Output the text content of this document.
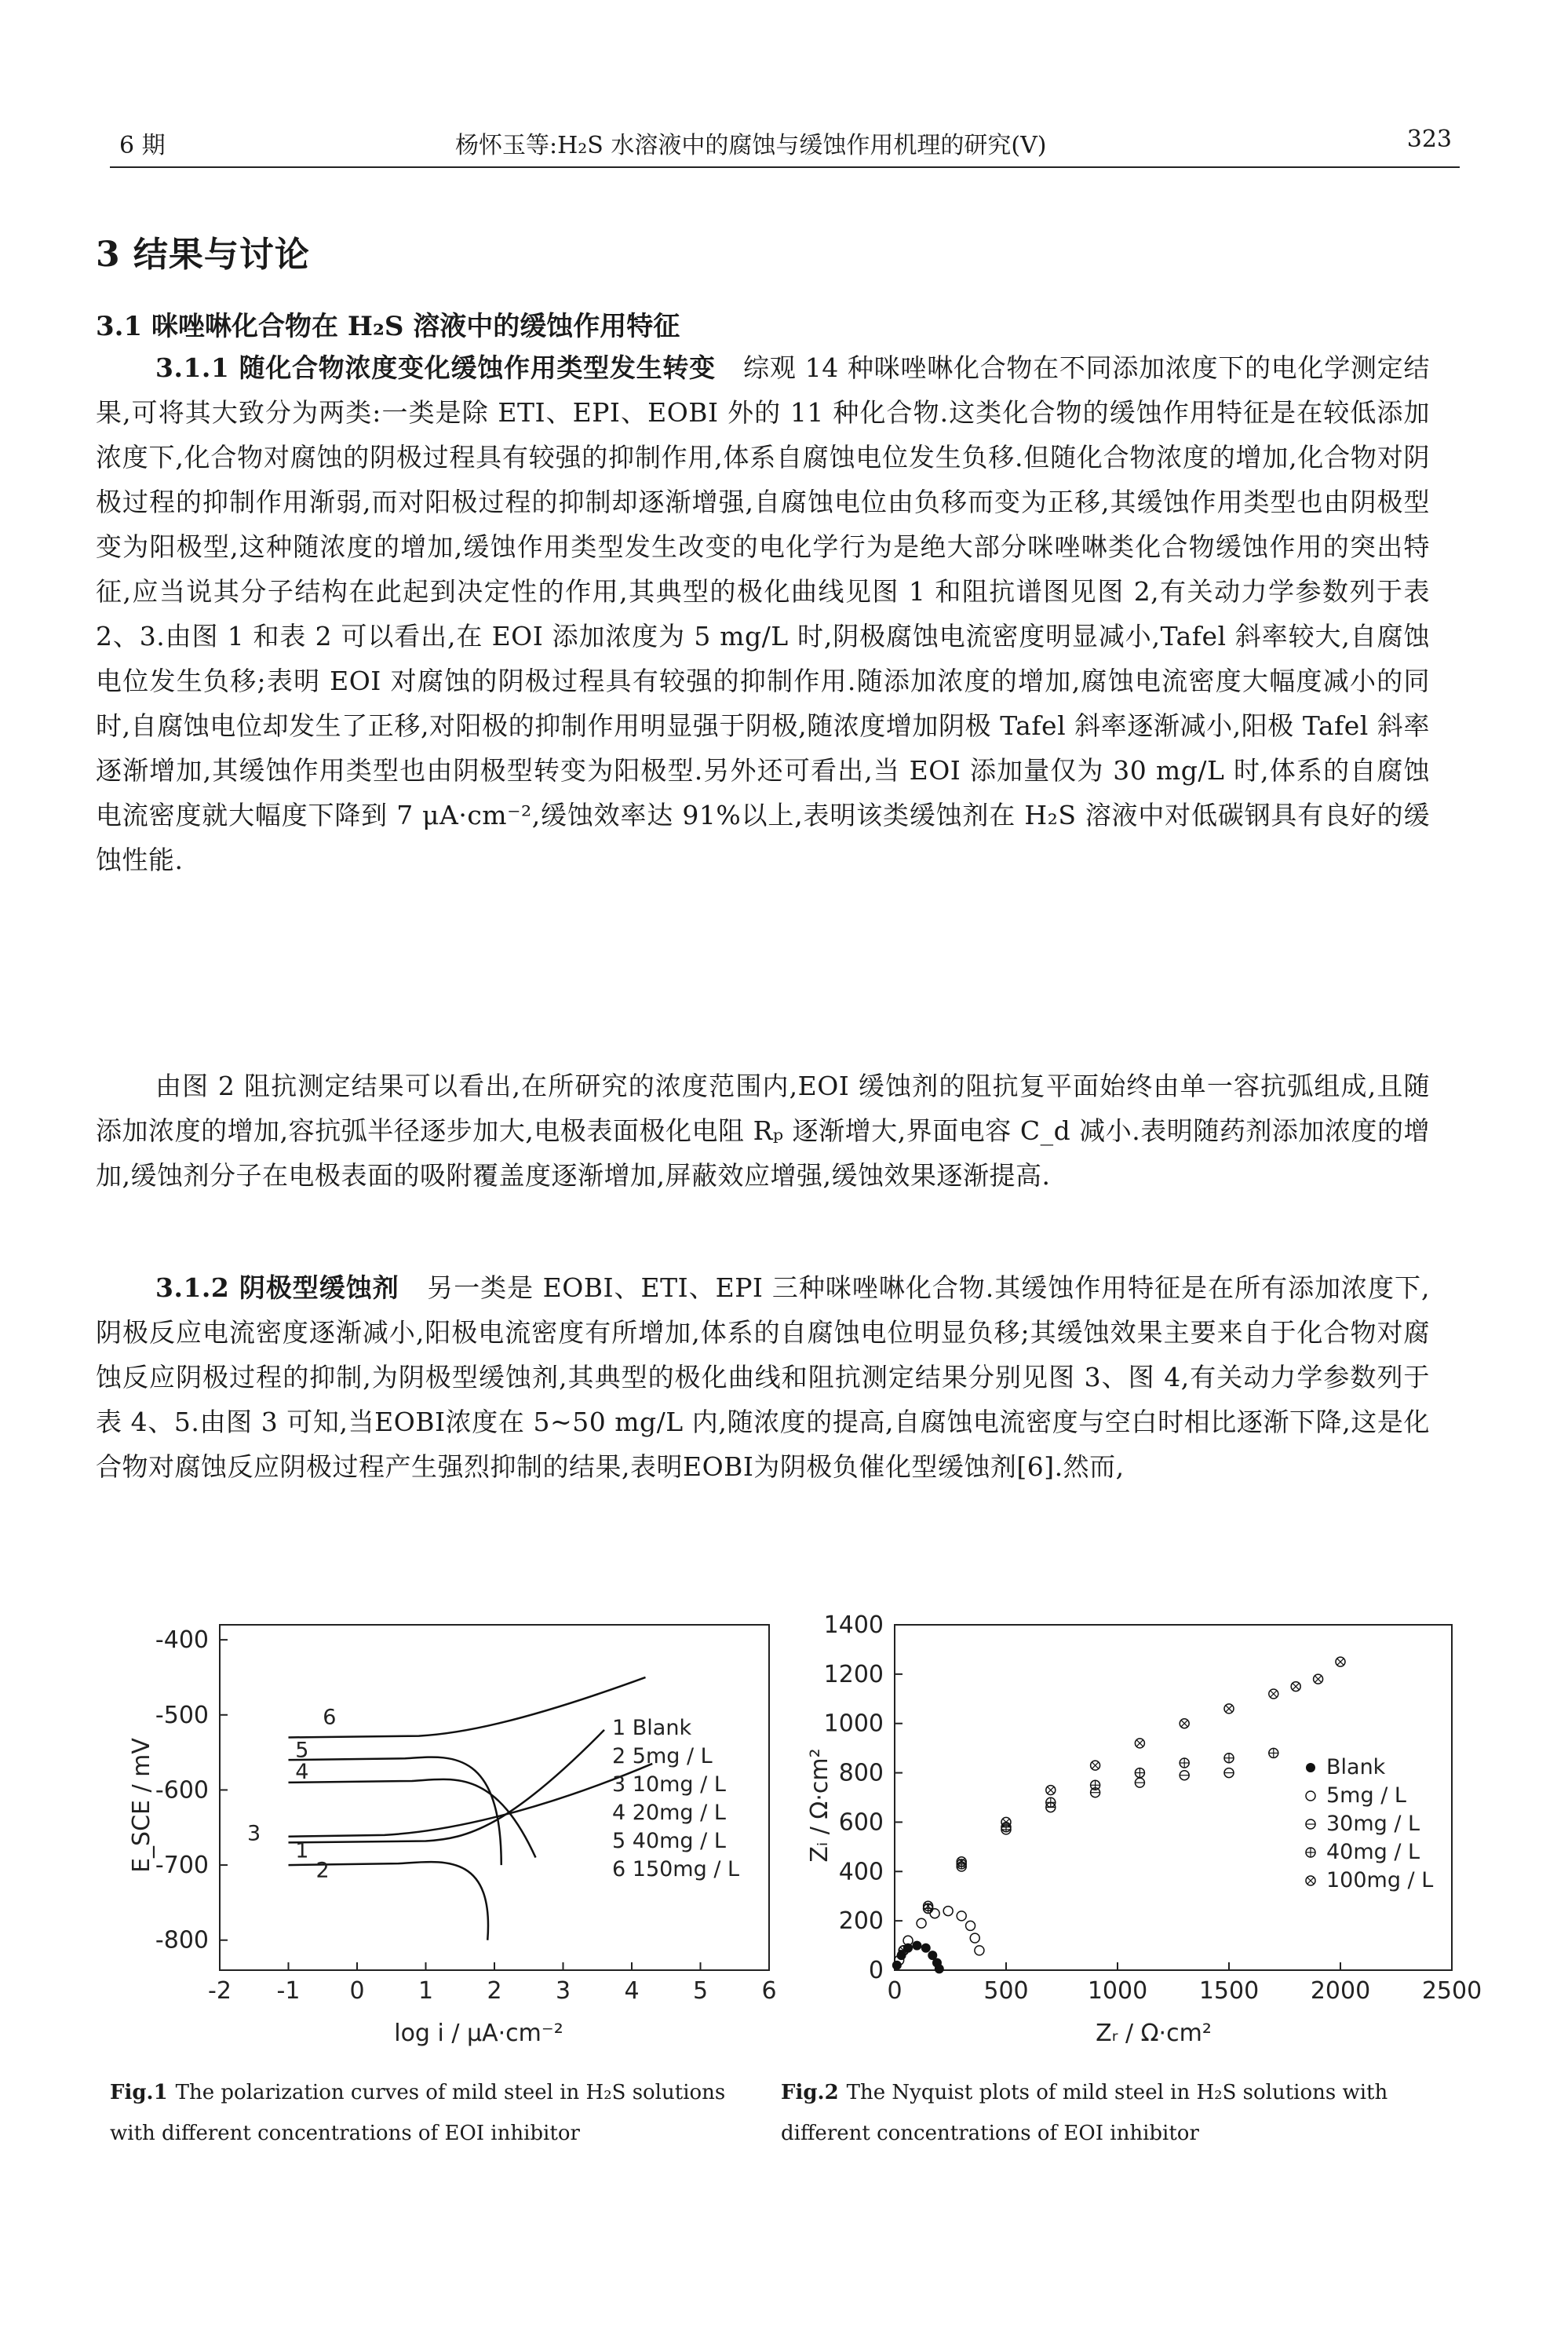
6 期	杨怀玉等:H₂S 水溶液中的腐蚀与缓蚀作用机理的研究(Ⅴ)	323
3 结果与讨论
3.1 咪唑啉化合物在 H₂S 溶液中的缓蚀作用特征
3.1.1 随化合物浓度变化缓蚀作用类型发生转变 综观 14 种咪唑啉化合物在不同添加浓度下的电化学测定结果,可将其大致分为两类:一类是除 ETI、EPI、EOBI 外的 11 种化合物.这类化合物的缓蚀作用特征是在较低添加浓度下,化合物对腐蚀的阴极过程具有较强的抑制作用,体系自腐蚀电位发生负移.但随化合物浓度的增加,化合物对阴极过程的抑制作用渐弱,而对阳极过程的抑制却逐渐增强,自腐蚀电位由负移而变为正移,其缓蚀作用类型也由阴极型变为阳极型,这种随浓度的增加,缓蚀作用类型发生改变的电化学行为是绝大部分咪唑啉类化合物缓蚀作用的突出特征,应当说其分子结构在此起到决定性的作用,其典型的极化曲线见图 1 和阻抗谱图见图 2,有关动力学参数列于表 2、3.由图 1 和表 2 可以看出,在 EOI 添加浓度为 5 mg/L 时,阴极腐蚀电流密度明显减小,Tafel 斜率较大,自腐蚀电位发生负移;表明 EOI 对腐蚀的阴极过程具有较强的抑制作用.随添加浓度的增加,腐蚀电流密度大幅度减小的同时,自腐蚀电位却发生了正移,对阳极的抑制作用明显强于阴极,随浓度增加阴极 Tafel 斜率逐渐减小,阳极 Tafel 斜率逐渐增加,其缓蚀作用类型也由阴极型转变为阳极型.另外还可看出,当 EOI 添加量仅为 30 mg/L 时,体系的自腐蚀电流密度就大幅度下降到 7 μA·cm⁻²,缓蚀效率达 91%以上,表明该类缓蚀剂在 H₂S 溶液中对低碳钢具有良好的缓蚀性能.
由图 2 阻抗测定结果可以看出,在所研究的浓度范围内,EOI 缓蚀剂的阻抗复平面始终由单一容抗弧组成,且随添加浓度的增加,容抗弧半径逐步加大,电极表面极化电阻 Rₚ 逐渐增大,界面电容 C_d 减小.表明随药剂添加浓度的增加,缓蚀剂分子在电极表面的吸附覆盖度逐渐增加,屏蔽效应增强,缓蚀效果逐渐提高.
3.1.2 阴极型缓蚀剂 另一类是 EOBI、ETI、EPI 三种咪唑啉化合物.其缓蚀作用特征是在所有添加浓度下,阴极反应电流密度逐渐减小,阳极电流密度有所增加,体系的自腐蚀电位明显负移;其缓蚀效果主要来自于化合物对腐蚀反应阴极过程的抑制,为阴极型缓蚀剂,其典型的极化曲线和阻抗测定结果分别见图 3、图 4,有关动力学参数列于表 4、5.由图 3 可知,当EOBI浓度在 5~50 mg/L 内,随浓度的提高,自腐蚀电流密度与空白时相比逐渐下降,这是化合物对腐蚀反应阴极过程产生强烈抑制的结果,表明EOBI为阴极负催化型缓蚀剂[6].然而,
-400
-500
-600
-700
-800
-2 -1 0 1 2 3 4 5 6
E_SCE / mV
log i / μA·cm⁻²
1
2
3
4
5
6	1 Blank
2 5mg / L
3 10mg / L
4 20mg / L
5 40mg / L
6 150mg / L
0
200
400
600
800
1000
1200
1400
0	500	1000 1500 2000 2500
Zᵢ / Ω·cm²
Zᵣ / Ω·cm²
Blank
5mg / L
30mg / L
40mg / L
100mg / L
Fig.1 The polarization curves of mild steel in H₂S solutions with different concentrations of EOI inhibitor
Fig.2 The Nyquist plots of mild steel in H₂S solutions with different concentrations of EOI inhibitor
